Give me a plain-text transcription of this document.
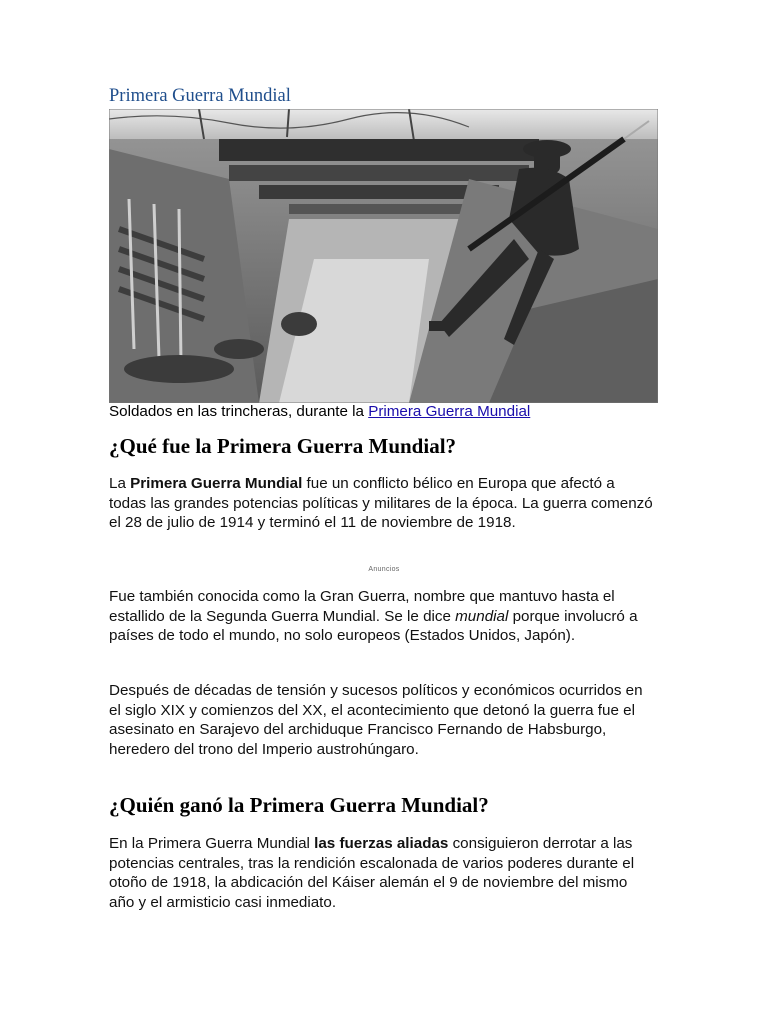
Primera Guerra Mundial
Soldados en las trincheras, durante la Primera Guerra Mundial
¿Qué fue la Primera Guerra Mundial?

La Primera Guerra Mundial fue un conflicto bélico en Europa que afectó a todas las grandes potencias políticas y militares de la época. La guerra comenzó el 28 de julio de 1914 y terminó el 11 de noviembre de 1918.

Anuncios

Fue también conocida como la Gran Guerra, nombre que mantuvo hasta el estallido de la Segunda Guerra Mundial. Se le dice mundial porque involucró a países de todo el mundo, no solo europeos (Estados Unidos, Japón).

Después de décadas de tensión y sucesos políticos y económicos ocurridos en el siglo XIX y comienzos del XX, el acontecimiento que detonó la guerra fue el asesinato en Sarajevo del archiduque Francisco Fernando de Habsburgo, heredero del trono del Imperio austrohúngaro.

¿Quién ganó la Primera Guerra Mundial?

En la Primera Guerra Mundial las fuerzas aliadas consiguieron derrotar a las potencias centrales, tras la rendición escalonada de varios poderes durante el otoño de 1918, la abdicación del Káiser alemán el 9 de noviembre del mismo año y el armisticio casi inmediato.
